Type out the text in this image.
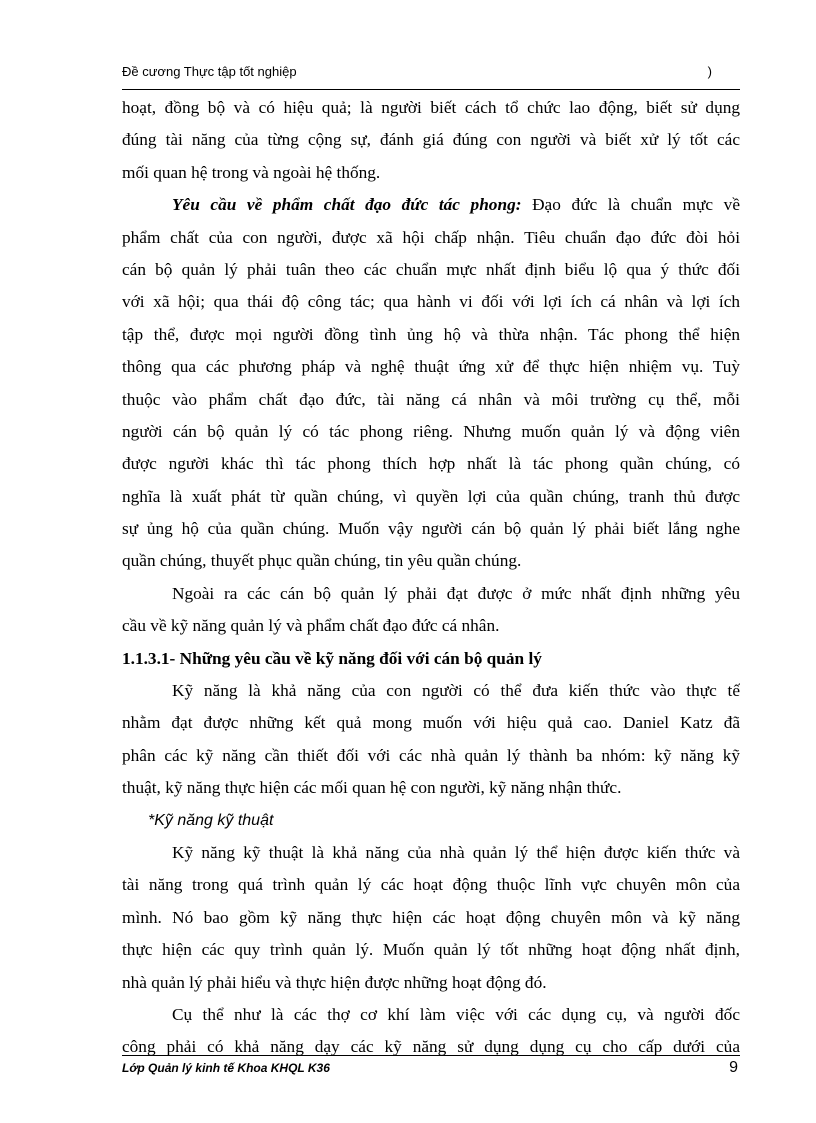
Đề cương Thực tập tốt nghiệp	)
hoạt, đồng bộ và có hiệu quả; là người biết cách tổ chức lao động, biết sử dụng
đúng tài năng của từng cộng sự, đánh giá đúng con người và biết xử lý tốt các
mối quan hệ trong và ngoài hệ thống.
Yêu cầu về phẩm chất đạo đức tác phong: Đạo đức là chuẩn mực về
phẩm chất của con người, được xã hội chấp nhận. Tiêu chuẩn đạo đức đòi hỏi
cán bộ quản lý phải tuân theo các chuẩn mực nhất định biểu lộ qua ý thức đối
với xã hội; qua thái độ công tác; qua hành vi đối với lợi ích cá nhân và lợi ích
tập thể, được mọi người đồng tình ủng hộ và thừa nhận. Tác phong thể hiện
thông qua các phương pháp và nghệ thuật ứng xử để thực hiện nhiệm vụ. Tuỳ
thuộc vào phẩm chất đạo đức, tài năng cá nhân và môi trường cụ thể, mỗi
người cán bộ quản lý có tác phong riêng. Nhưng muốn quản lý và động viên
được người khác thì tác phong thích hợp nhất là tác phong quần chúng, có
nghĩa là xuất phát từ quần chúng, vì quyền lợi của quần chúng, tranh thủ được
sự ủng hộ của quần chúng. Muốn vậy người cán bộ quản lý phải biết lắng nghe
quần chúng, thuyết phục quần chúng, tin yêu quần chúng.
Ngoài ra các cán bộ quản lý phải đạt được ở mức nhất định những yêu
cầu về kỹ năng quản lý và phẩm chất đạo đức cá nhân.
1.1.3.1- Những yêu cầu về kỹ năng đối với cán bộ quản lý
Kỹ năng là khả năng của con người có thể đưa kiến thức vào thực tế
nhằm đạt được những kết quả mong muốn với hiệu quả cao. Daniel Katz đã
phân các kỹ năng cần thiết đối với các nhà quản lý thành ba nhóm: kỹ năng kỹ
thuật, kỹ năng thực hiện các mối quan hệ con người, kỹ năng nhận thức.
*Kỹ năng kỹ thuật
Kỹ năng kỹ thuật là khả năng của nhà quản lý thể hiện được kiến thức và
tài năng trong quá trình quản lý các hoạt động thuộc lĩnh vực chuyên môn của
mình. Nó bao gồm kỹ năng thực hiện các hoạt động chuyên môn và kỹ năng
thực hiện các quy trình quản lý. Muốn quản lý tốt những hoạt động nhất định,
nhà quản lý phải hiểu và thực hiện được những hoạt động đó.
Cụ thể như là các thợ cơ khí làm việc với các dụng cụ, và người đốc
công phải có khả năng dạy các kỹ năng sử dụng dụng cụ cho cấp dưới của
Lớp Quản lý kinh tế Khoa KHQL K36	9
